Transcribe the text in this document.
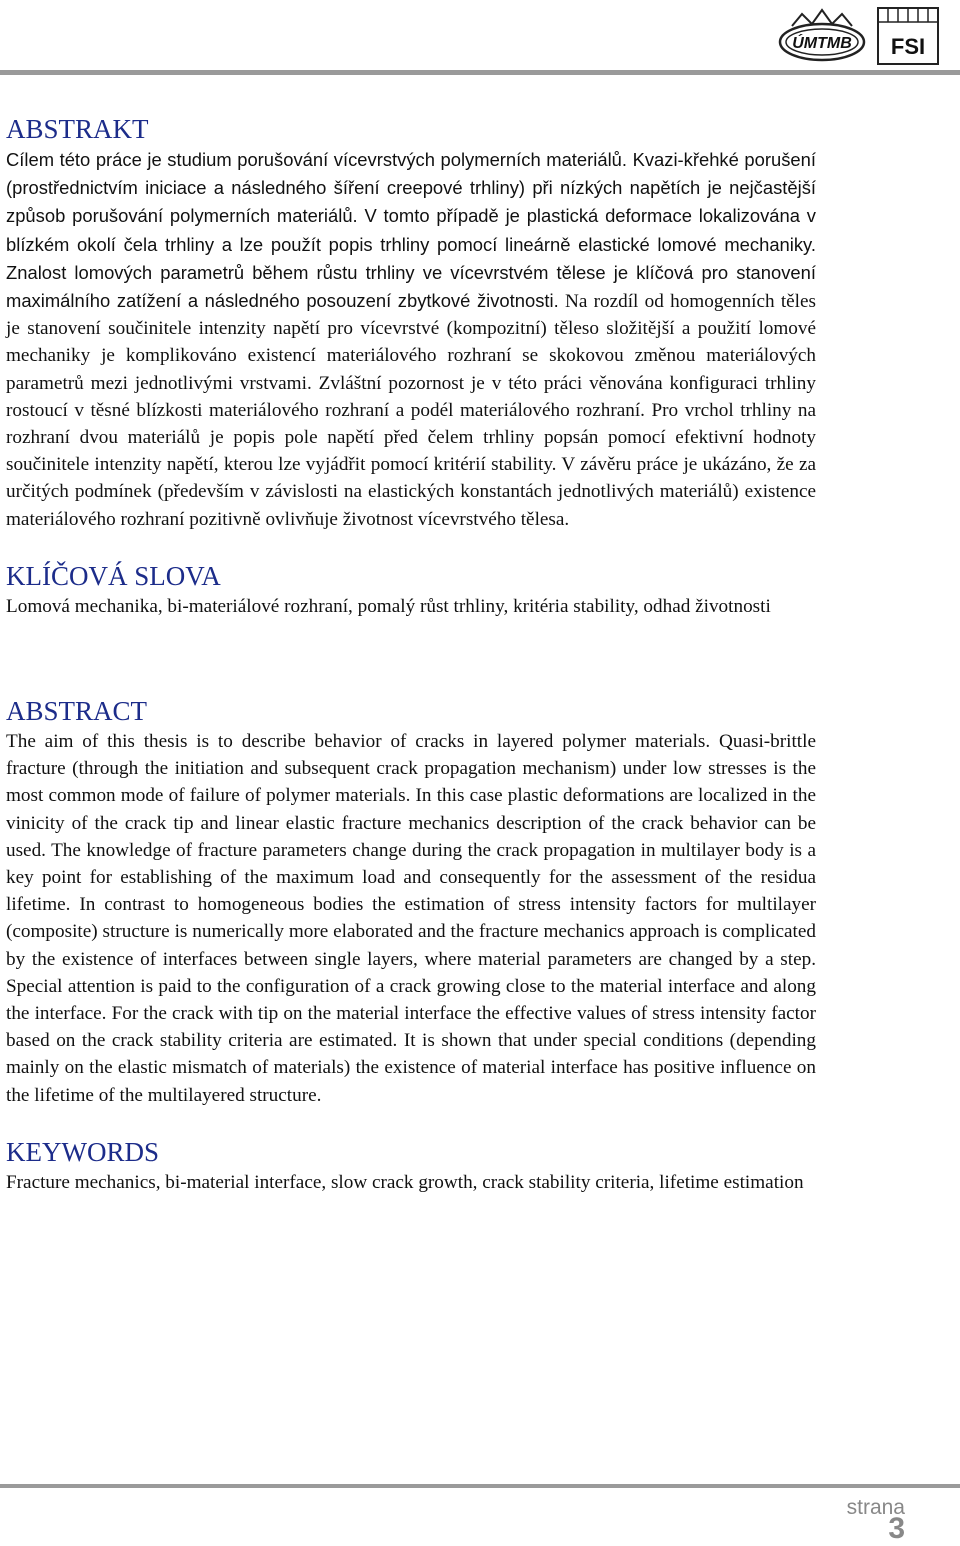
ÚMTMB FSI
ABSTRAKT

Cílem této práce je studium porušování vícevrstvých polymerních materiálů. Kvazi-křehké porušení (prostřednictvím iniciace a následného šíření creepové trhliny) při nízkých napětích je nejčastější způsob porušování polymerních materiálů. V tomto případě je plastická deformace lokalizována v blízkém okolí čela trhliny a lze použít popis trhliny pomocí lineárně elastické lomové mechaniky. Znalost lomových parametrů během růstu trhliny ve vícevrstvém tělese je klíčová pro stanovení maximálního zatížení a následného posouzení zbytkové životnosti. Na rozdíl od homogenních těles je stanovení součinitele intenzity napětí pro vícevrstvé (kompozitní) těleso složitější a použití lomové mechaniky je komplikováno existencí materiálového rozhraní se skokovou změnou materiálových parametrů mezi jednotlivými vrstvami. Zvláštní pozornost je v této práci věnována konfiguraci trhliny rostoucí v těsné blízkosti materiálového rozhraní a podél materiálového rozhraní. Pro vrchol trhliny na rozhraní dvou materiálů je popis pole napětí před čelem trhliny popsán pomocí efektivní hodnoty součinitele intenzity napětí, kterou lze vyjádřit pomocí kritérií stability. V závěru práce je ukázáno, že za určitých podmínek (především v závislosti na elastických konstantách jednotlivých materiálů) existence materiálového rozhraní pozitivně ovlivňuje životnost vícevrstvého tělesa.

KLÍČOVÁ SLOVA

Lomová mechanika, bi-materiálové rozhraní, pomalý růst trhliny, kritéria stability, odhad životnosti

ABSTRACT

The aim of this thesis is to describe behavior of cracks in layered polymer materials. Quasi-brittle fracture (through the initiation and subsequent crack propagation mechanism) under low stresses is the most common mode of failure of polymer materials. In this case plastic deformations are localized in the vinicity of the crack tip and linear elastic fracture mechanics description of the crack behavior can be used. The knowledge of fracture parameters change during the crack propagation in multilayer body is a key point for establishing of the maximum load and consequently for the assessment of the residua lifetime. In contrast to homogeneous bodies the estimation of stress intensity factors for multilayer (composite) structure is numerically more elaborated and the fracture mechanics approach is complicated by the existence of interfaces between single layers, where material parameters are changed by a step. Special attention is paid to the configuration of a crack growing close to the material interface and along the interface. For the crack with tip on the material interface the effective values of stress intensity factor based on the crack stability criteria are estimated. It is shown that under special conditions (depending mainly on the elastic mismatch of materials) the existence of material interface has positive influence on the lifetime of the multilayered structure.

KEYWORDS

Fracture mechanics, bi-material interface, slow crack growth, crack stability criteria, lifetime estimation

strana
3
